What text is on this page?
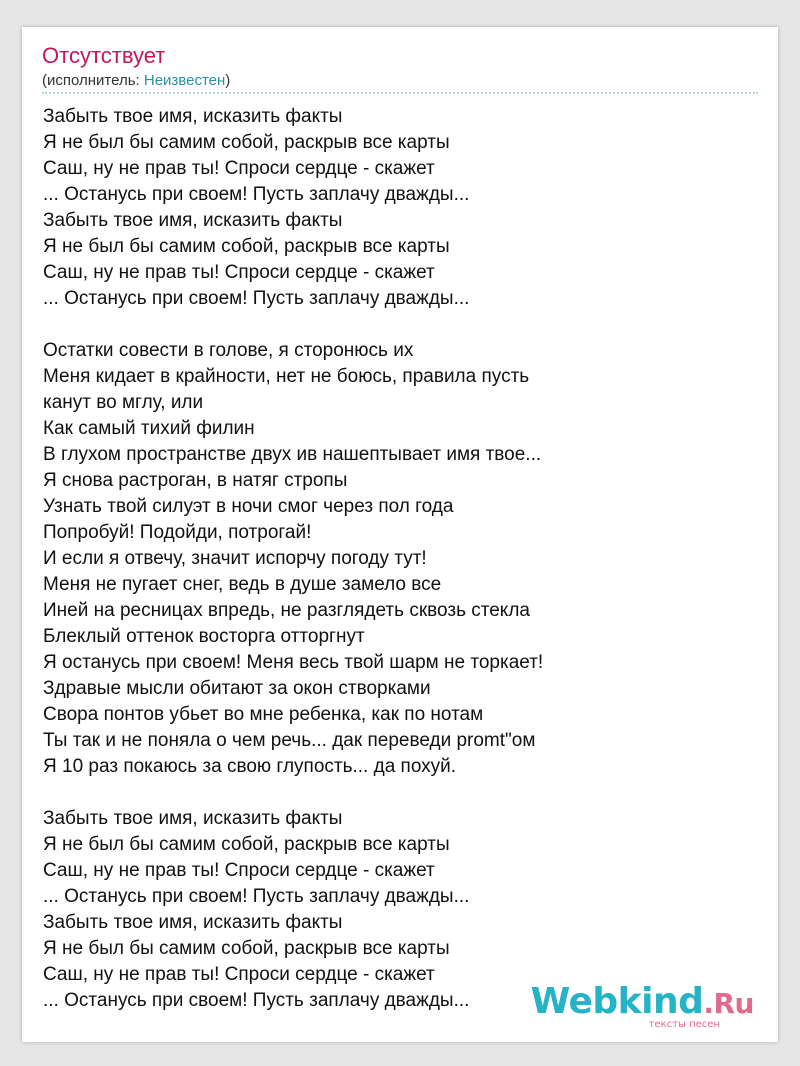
Отсутствует
(исполнитель: Неизвестен)
Забыть твое имя, исказить факты
Я не был бы самим собой, раскрыв все карты
Саш, ну не прав ты! Спроси сердце - скажет
... Останусь при своем! Пусть заплачу дважды...
Забыть твое имя, исказить факты
Я не был бы самим собой, раскрыв все карты
Саш, ну не прав ты! Спроси сердце - скажет
... Останусь при своем! Пусть заплачу дважды...
Остатки совести в голове, я сторонюсь их
Меня кидает в крайности, нет не боюсь, правила пусть
канут во мглу, или
Как самый тихий филин
В глухом пространстве двух ив нашептывает имя твое...
Я снова растроган, в натяг стропы
Узнать твой силуэт в ночи смог через пол года
Попробуй! Подойди, потрогай!
И если я отвечу, значит испорчу погоду тут!
Меня не пугает снег, ведь в душе замело все
Иней на ресницах впредь, не разглядеть сквозь стекла
Блеклый оттенок восторга отторгнут
Я останусь при своем! Меня весь твой шарм не торкает!
Здравые мысли обитают за окон створками
Свора понтов убьет во мне ребенка, как по нотам
Ты так и не поняла о чем речь... дак переведи promt"ом
Я 10 раз покаюсь за свою глупость... да похуй.
Забыть твое имя, исказить факты
Я не был бы самим собой, раскрыв все карты
Саш, ну не прав ты! Спроси сердце - скажет
... Останусь при своем! Пусть заплачу дважды...
Забыть твое имя, исказить факты
Я не был бы самим собой, раскрыв все карты
Саш, ну не прав ты! Спроси сердце - скажет
... Останусь при своем! Пусть заплачу дважды...	Webkind.Ru
тексты песен
